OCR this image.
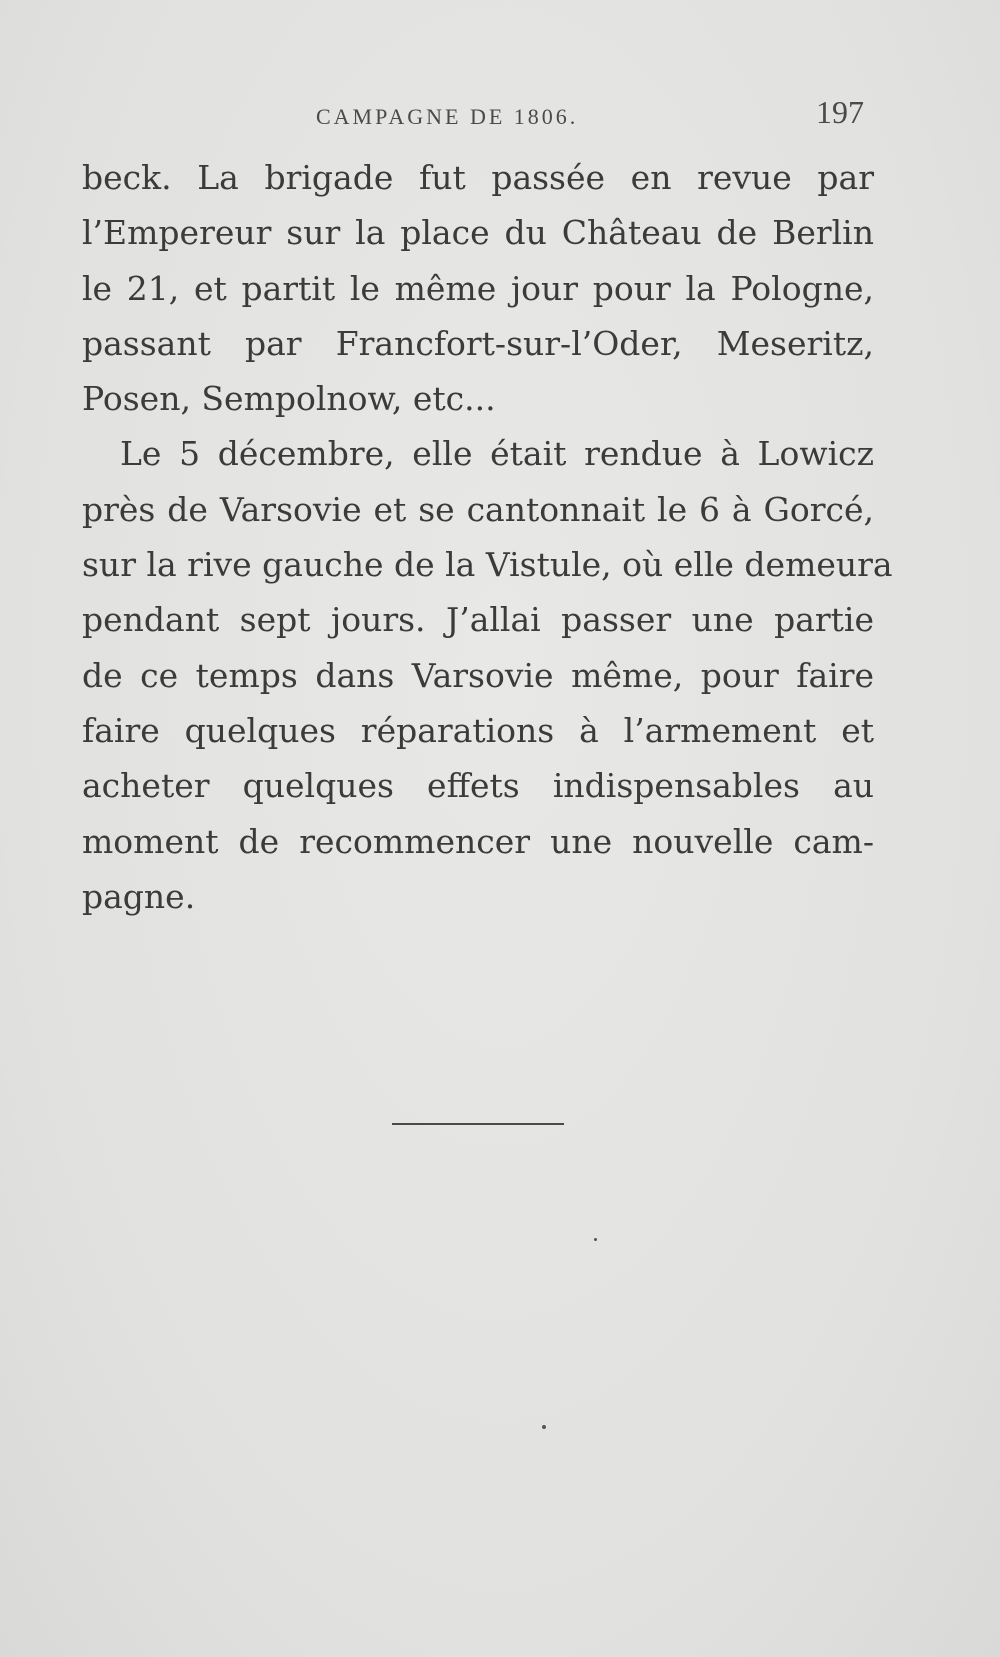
CAMPAGNE DE 1806.	197
beck. La brigade fut passée en revue par
l’Empereur sur la place du Château de Berlin
le 21, et partit le même jour pour la Pologne,
passant par Francfort-sur-l’Oder, Meseritz,
Posen, Sempolnow, etc...
Le 5 décembre, elle était rendue à Lowicz
près de Varsovie et se cantonnait le 6 à Gorcé,
sur la rive gauche de la Vistule, où elle demeura
pendant sept jours. J’allai passer une partie
de ce temps dans Varsovie même, pour faire
faire quelques réparations à l’armement et
acheter quelques effets indispensables au
moment de recommencer une nouvelle cam-
pagne.
